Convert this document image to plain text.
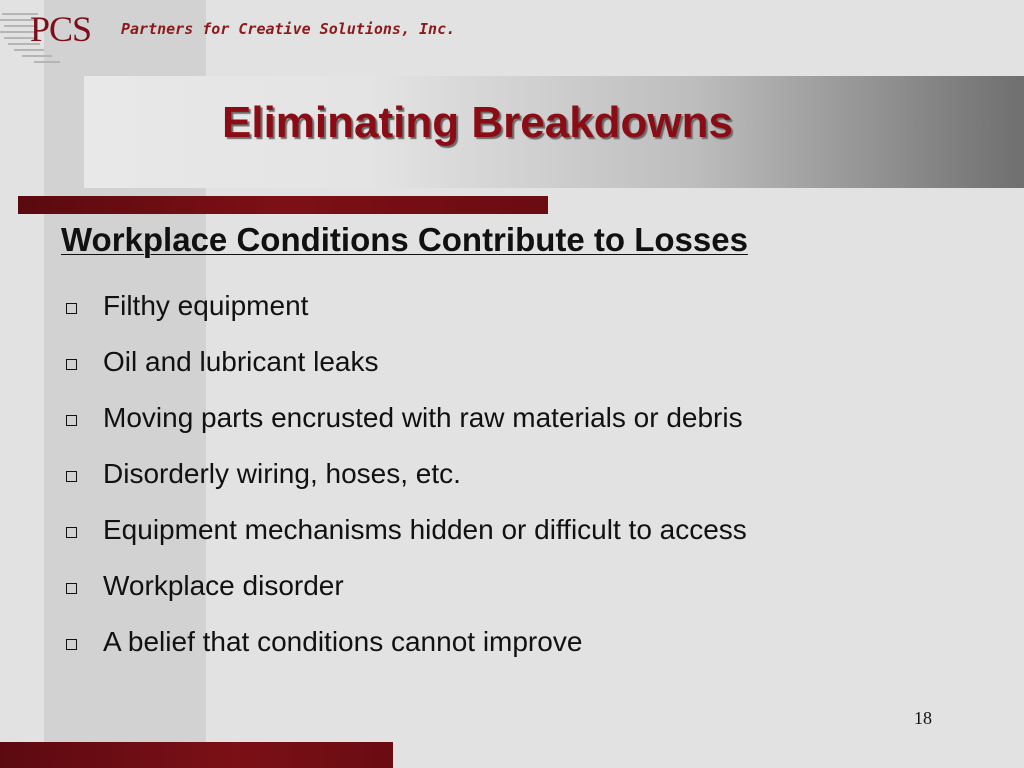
PCS Partners for Creative Solutions, Inc.
Eliminating Breakdowns
Workplace Conditions Contribute to Losses
Filthy equipment
Oil and lubricant leaks
Moving parts encrusted with raw materials or debris
Disorderly wiring, hoses, etc.
Equipment mechanisms hidden or difficult to access
Workplace disorder
A belief that conditions cannot improve
18
